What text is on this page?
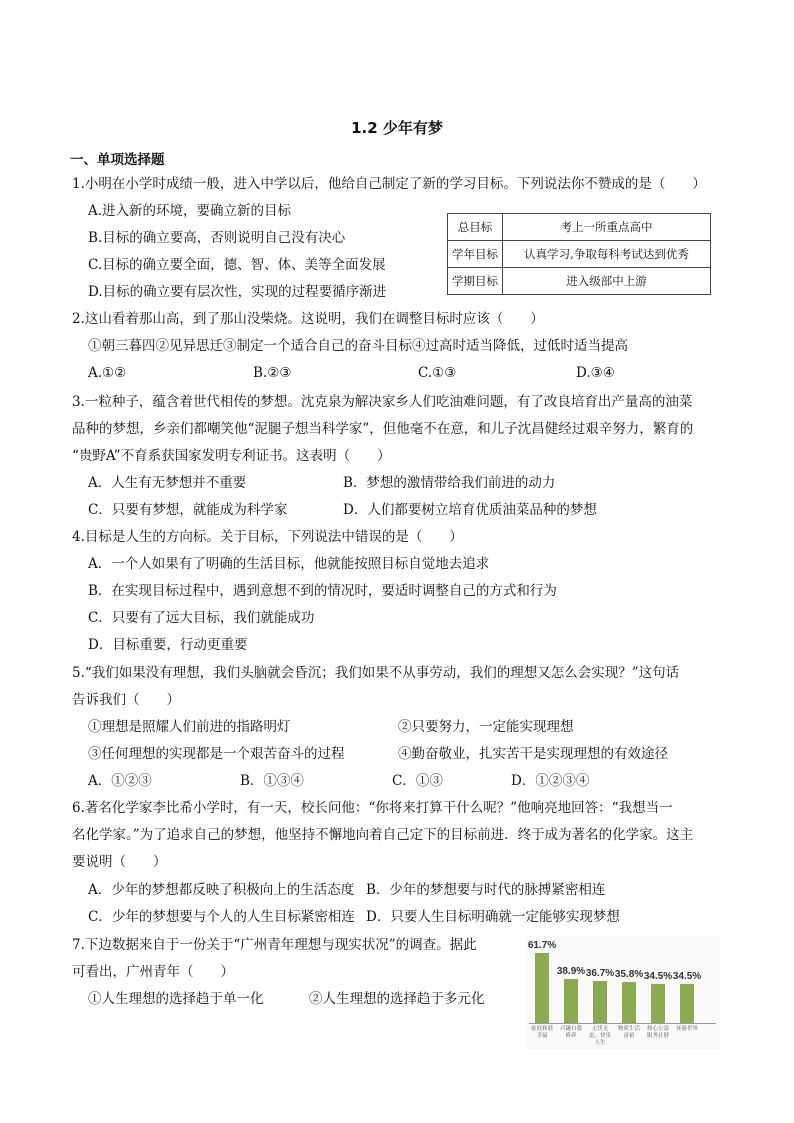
1.2 少年有梦
一、单项选择题
1.小明在小学时成绩一般，进入中学以后，他给自己制定了新的学习目标。下列说法你不赞成的是（　　）
A.进入新的环境，要确立新的目标
B.目标的确立要高，否则说明自己没有决心
C.目标的确立要全面，德、智、体、美等全面发展
D.目标的确立要有层次性，实现的过程要循序渐进
总目标	考上一所重点高中
学年目标	认真学习,争取每科考试达到优秀
学期目标	进入级部中上游
2.这山看着那山高，到了那山没柴烧。这说明，我们在调整目标时应该（　　）
①朝三暮四②见异思迁③制定一个适合自己的奋斗目标④过高时适当降低，过低时适当提高
A.①②	B.②③	C.①③	D.③④
3.一粒种子，蕴含着世代相传的梦想。沈克泉为解决家乡人们吃油难问题，有了改良培育出产量高的油菜
品种的梦想，乡亲们都嘲笑他“泥腿子想当科学家”，但他毫不在意，和儿子沈昌健经过艰辛努力，繁育的
“贵野A”不育系获国家发明专利证书。这表明（　　）
A．人生有无梦想并不重要	B．梦想的激情带给我们前进的动力
C．只要有梦想，就能成为科学家	D．人们都要树立培育优质油菜品种的梦想
4.目标是人生的方向标。关于目标，下列说法中错误的是（　　）
A．一个人如果有了明确的生活目标，他就能按照目标自觉地去追求
B．在实现目标过程中，遇到意想不到的情况时，要适时调整自己的方式和行为
C．只要有了远大目标，我们就能成功
D．目标重要，行动更重要
5.“我们如果没有理想，我们头脑就会昏沉；我们如果不从事劳动，我们的理想又怎么会实现？”这句话
告诉我们（　　）
①理想是照耀人们前进的指路明灯	②只要努力，一定能实现理想
③任何理想的实现都是一个艰苦奋斗的过程	④勤奋敬业，扎实苦干是实现理想的有效途径
A．①②③	B．①③④	C．①③	D．①②③④
6.著名化学家李比希小学时，有一天，校长问他：“你将来打算干什么呢？”他响亮地回答：“我想当一
名化学家。”为了追求自己的梦想，他坚持不懈地向着自己定下的目标前进．终于成为著名的化学家。这主
要说明（　　）
A．少年的梦想都反映了积极向上的生活态度 B．少年的梦想要与时代的脉搏紧密相连
C．少年的梦想要与个人的人生目标紧密相连 D．只要人生目标明确就一定能够实现梦想
7.下边数据来自于一份关于“广州青年理想与现实状况”的调查。据此
可看出，广州青年（　　）
①人生理想的选择趋于单一化	②人生理想的选择趋于多元化
61.7%
家庭和谐幸福
38.9%
兴趣自我修养
36.7%
无忧无虑，快乐人生
35.8%
物质生活富裕
34.5%
热心公益服务社群
34.5%
环游世界
